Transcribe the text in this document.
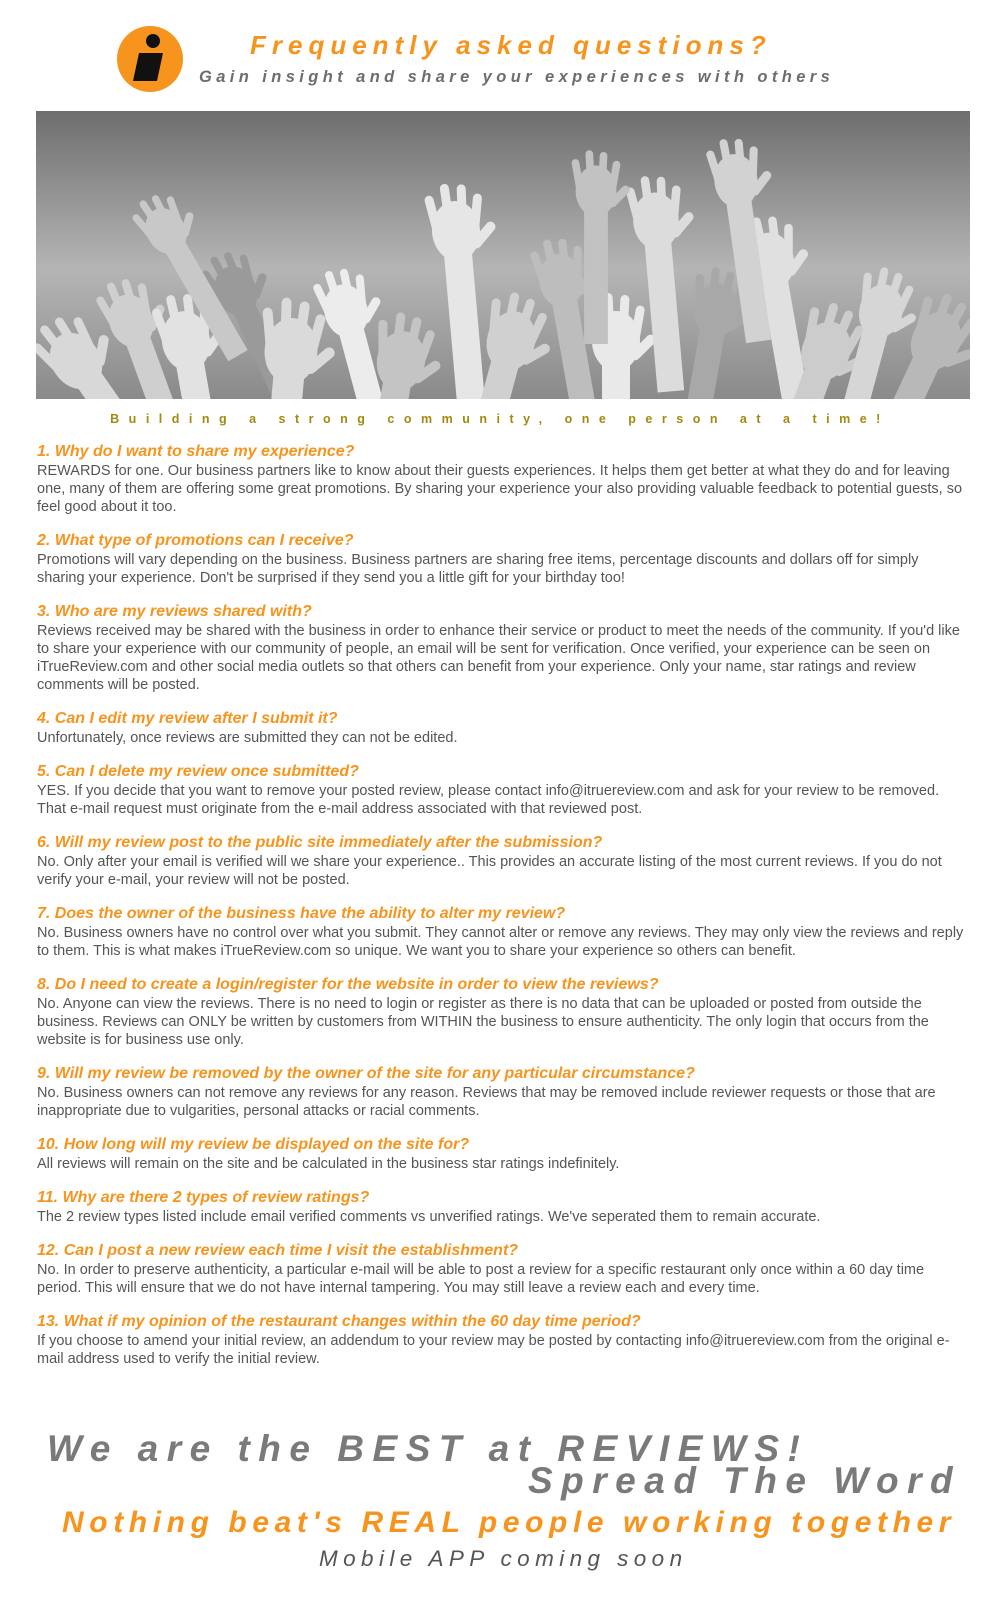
Frequently asked questions?
Gain insight and share your experiences with others
Building a strong community, one person at a time!
1. Why do I want to share my experience?
REWARDS for one. Our business partners like to know about their guests experiences. It helps them get better at what they do and for leaving one, many of them are offering some great promotions. By sharing your experience your also providing valuable feedback to potential guests, so feel good about it too.
2. What type of promotions can I receive?
Promotions will vary depending on the business. Business partners are sharing free items, percentage discounts and dollars off for simply sharing your experience. Don't be surprised if they send you a little gift for your birthday too!
3. Who are my reviews shared with?
Reviews received may be shared with the business in order to enhance their service or product to meet the needs of the community. If you'd like to share your experience with our community of people, an email will be sent for verification. Once verified, your experience can be seen on iTrueReview.com and other social media outlets so that others can benefit from your experience. Only your name, star ratings and review comments will be posted.
4. Can I edit my review after I submit it?
Unfortunately, once reviews are submitted they can not be edited.
5. Can I delete my review once submitted?
YES. If you decide that you want to remove your posted review, please contact info@itruereview.com and ask for your review to be removed. That e-mail request must originate from the e-mail address associated with that reviewed post.
6. Will my review post to the public site immediately after the submission?
No. Only after your email is verified will we share your experience.. This provides an accurate listing of the most current reviews. If you do not verify your e-mail, your review will not be posted.
7. Does the owner of the business have the ability to alter my review?
No. Business owners have no control over what you submit. They cannot alter or remove any reviews. They may only view the reviews and reply to them. This is what makes iTrueReview.com so unique. We want you to share your experience so others can benefit.
8. Do I need to create a login/register for the website in order to view the reviews?
No. Anyone can view the reviews. There is no need to login or register as there is no data that can be uploaded or posted from outside the business. Reviews can ONLY be written by customers from WITHIN the business to ensure authenticity. The only login that occurs from the website is for business use only.
9. Will my review be removed by the owner of the site for any particular circumstance?
No. Business owners can not remove any reviews for any reason. Reviews that may be removed include reviewer requests or those that are inappropriate due to vulgarities, personal attacks or racial comments.
10. How long will my review be displayed on the site for?
All reviews will remain on the site and be calculated in the business star ratings indefinitely.
11. Why are there 2 types of review ratings?
The 2 review types listed include email verified comments vs unverified ratings. We've seperated them to remain accurate.
12. Can I post a new review each time I visit the establishment?
No. In order to preserve authenticity, a particular e-mail will be able to post a review for a specific restaurant only once within a 60 day time period. This will ensure that we do not have internal tampering. You may still leave a review each and every time.
13. What if my opinion of the restaurant changes within the 60 day time period?
If you choose to amend your initial review, an addendum to your review may be posted by contacting info@itruereview.com from the original e-mail address used to verify the initial review.
We are the BEST at REVIEWS!
Spread The Word
Nothing beat's REAL people working together
Mobile APP coming soon
